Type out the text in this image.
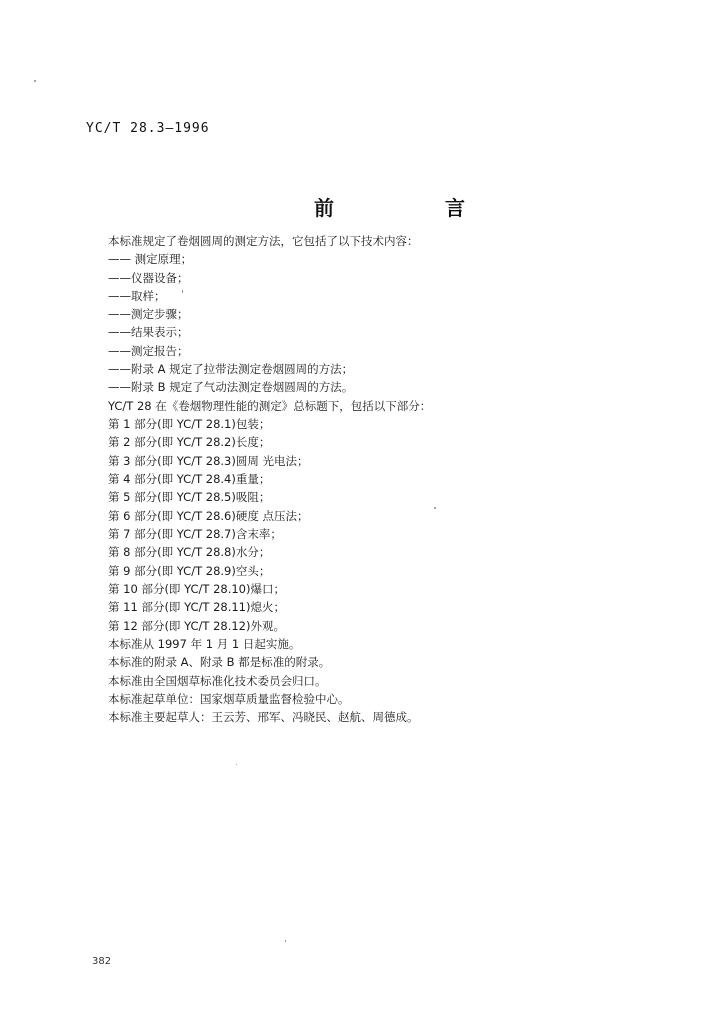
YC/T 28.3—1996
前 言
本标准规定了卷烟圆周的测定方法，它包括了以下技术内容：
—— 测定原理；
——仪器设备；
——取样；
——测定步骤；
——结果表示；
——测定报告；
——附录 A 规定了拉带法测定卷烟圆周的方法；
——附录 B 规定了气动法测定卷烟圆周的方法。
YC/T 28 在《卷烟物理性能的测定》总标题下，包括以下部分：
第 1 部分(即 YC/T 28.1)包装；
第 2 部分(即 YC/T 28.2)长度；
第 3 部分(即 YC/T 28.3)圆周 光电法；
第 4 部分(即 YC/T 28.4)重量；
第 5 部分(即 YC/T 28.5)吸阻；
第 6 部分(即 YC/T 28.6)硬度 点压法；
第 7 部分(即 YC/T 28.7)含末率；
第 8 部分(即 YC/T 28.8)水分；
第 9 部分(即 YC/T 28.9)空头；
第 10 部分(即 YC/T 28.10)爆口；
第 11 部分(即 YC/T 28.11)熄火；
第 12 部分(即 YC/T 28.12)外观。
本标准从 1997 年 1 月 1 日起实施。
本标准的附录 A、附录 B 都是标准的附录。
本标准由全国烟草标准化技术委员会归口。
本标准起草单位：国家烟草质量监督检验中心。
本标准主要起草人：王云芳、邢军、冯晓民、赵航、周德成。
382
